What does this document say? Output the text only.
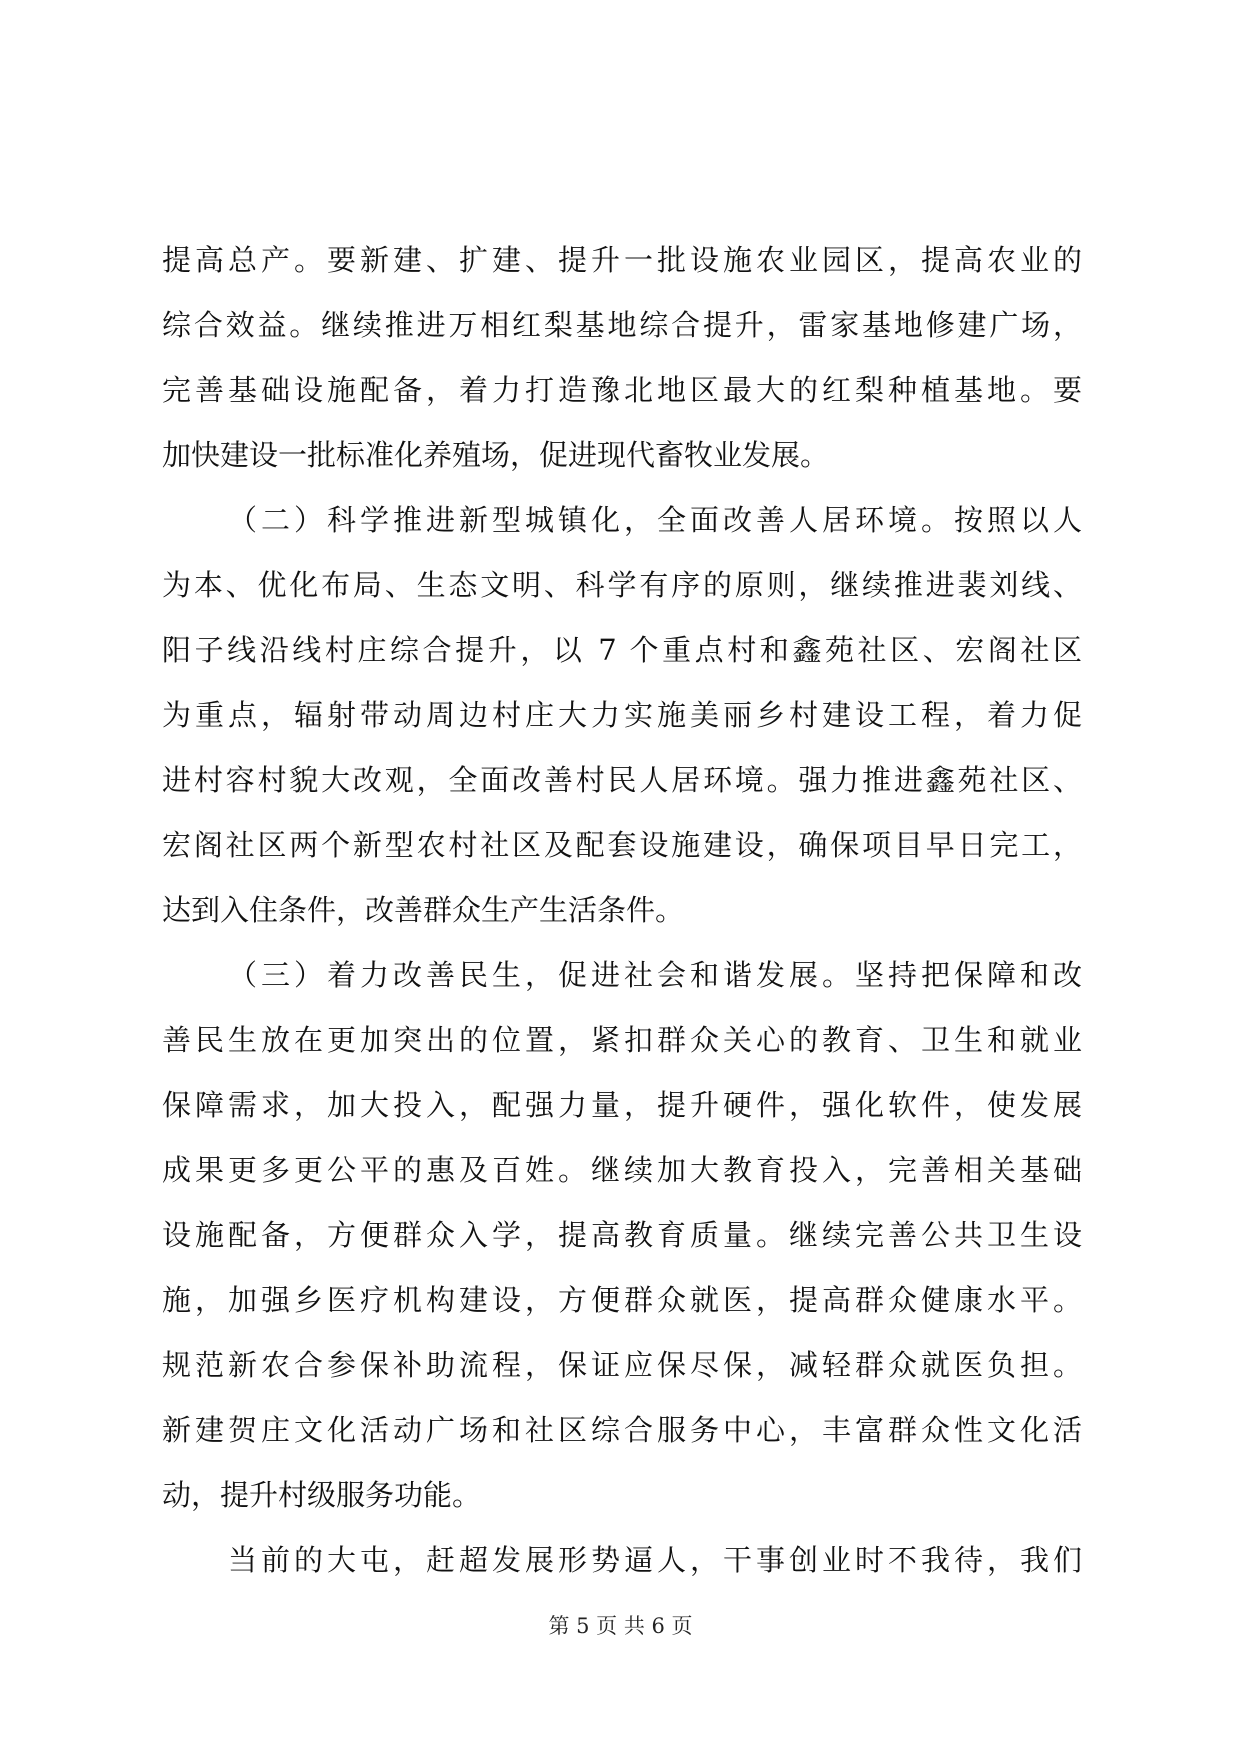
提高总产。要新建、扩建、提升一批设施农业园区，提高农业的
综合效益。继续推进万相红梨基地综合提升，雷家基地修建广场，
完善基础设施配备，着力打造豫北地区最大的红梨种植基地。要
加快建设一批标准化养殖场，促进现代畜牧业发展。
（二）科学推进新型城镇化，全面改善人居环境。按照以人
为本、优化布局、生态文明、科学有序的原则，继续推进裴刘线、
阳子线沿线村庄综合提升，以 7 个重点村和鑫苑社区、宏阁社区
为重点，辐射带动周边村庄大力实施美丽乡村建设工程，着力促
进村容村貌大改观，全面改善村民人居环境。强力推进鑫苑社区、
宏阁社区两个新型农村社区及配套设施建设，确保项目早日完工，
达到入住条件，改善群众生产生活条件。
（三）着力改善民生，促进社会和谐发展。坚持把保障和改
善民生放在更加突出的位置，紧扣群众关心的教育、卫生和就业
保障需求，加大投入，配强力量，提升硬件，强化软件，使发展
成果更多更公平的惠及百姓。继续加大教育投入，完善相关基础
设施配备，方便群众入学，提高教育质量。继续完善公共卫生设
施，加强乡医疗机构建设，方便群众就医，提高群众健康水平。
规范新农合参保补助流程，保证应保尽保，减轻群众就医负担。
新建贺庄文化活动广场和社区综合服务中心，丰富群众性文化活
动，提升村级服务功能。
当前的大屯，赶超发展形势逼人，干事创业时不我待，我们
第 5 页 共 6 页
